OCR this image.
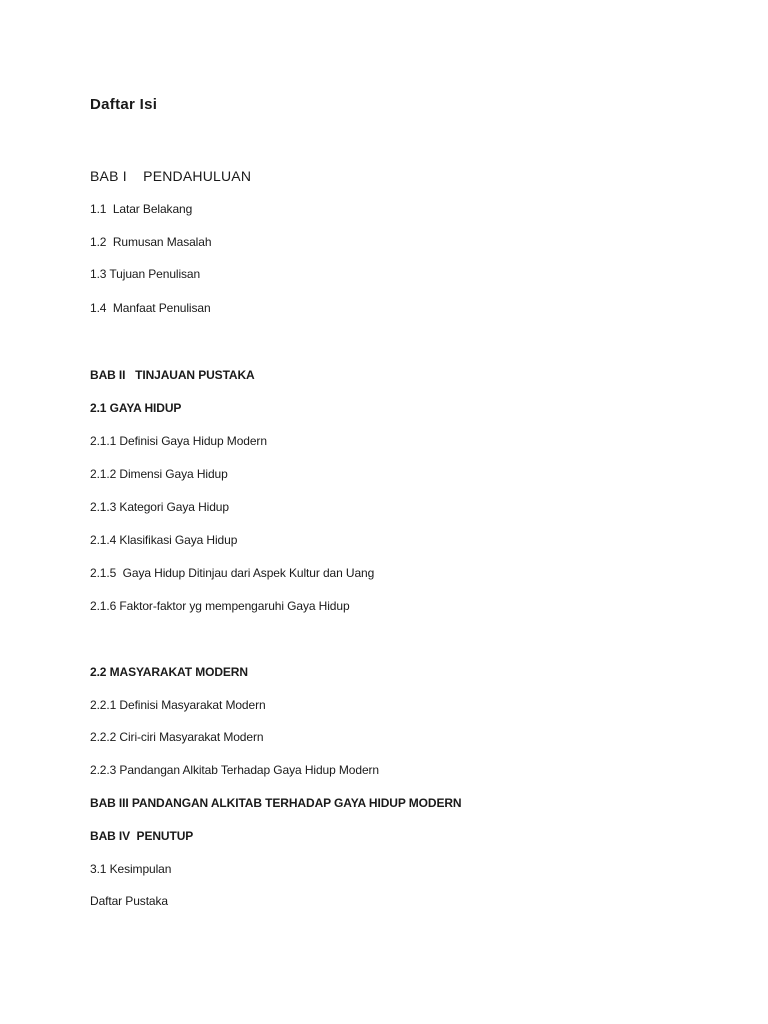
Daftar Isi

BAB I    PENDAHULUAN

1.1  Latar Belakang

1.2  Rumusan Masalah

1.3 Tujuan Penulisan

1.4  Manfaat Penulisan

BAB II   TINJAUAN PUSTAKA

2.1 GAYA HIDUP

2.1.1 Definisi Gaya Hidup Modern

2.1.2 Dimensi Gaya Hidup

2.1.3 Kategori Gaya Hidup

2.1.4 Klasifikasi Gaya Hidup

2.1.5  Gaya Hidup Ditinjau dari Aspek Kultur dan Uang

2.1.6 Faktor-faktor yg mempengaruhi Gaya Hidup

2.2 MASYARAKAT MODERN

2.2.1 Definisi Masyarakat Modern

2.2.2 Ciri-ciri Masyarakat Modern

2.2.3 Pandangan Alkitab Terhadap Gaya Hidup Modern

BAB III PANDANGAN ALKITAB TERHADAP GAYA HIDUP MODERN

BAB IV  PENUTUP

3.1 Kesimpulan

Daftar Pustaka
